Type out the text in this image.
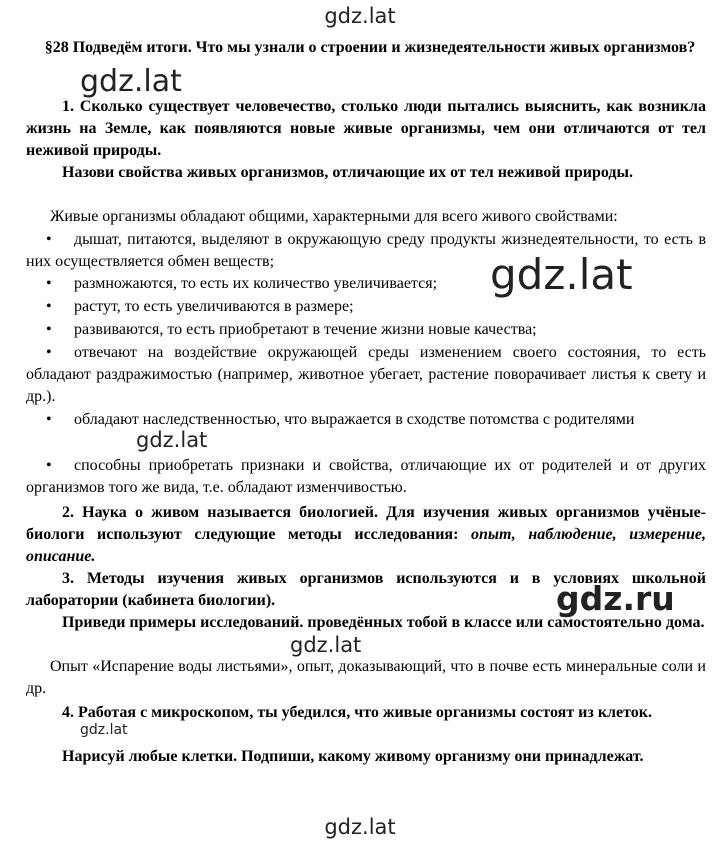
§28 Подведём итоги. Что мы узнали о строении и жизнедеятельности живых организмов?
1. Сколько существует человечество, столько люди пытались выяснить, как возникла жизнь на Земле, как появляются новые живые организмы, чем они отличаются от тел неживой природы.
Назови свойства живых организмов, отличающие их от тел неживой природы.
Живые организмы обладают общими, характерными для всего живого свойствами:
• дышат, питаются, выделяют в окружающую среду продукты жизнедеятельности, то есть в них осуществляется обмен веществ;
• размножаются, то есть их количество увеличивается;
• растут, то есть увеличиваются в размере;
• развиваются, то есть приобретают в течение жизни новые качества;
• отвечают на воздействие окружающей среды изменением своего состояния, то есть обладают раздражимостью (например, животное убегает, растение поворачивает листья к свету и др.).
• обладают наследственностью, что выражается в сходстве потомства с родителями
• способны приобретать признаки и свойства, отличающие их от родителей и от других организмов того же вида, т.е. обладают изменчивостью.
2. Наука о живом называется биологией. Для изучения живых организмов учёные-биологи используют следующие методы исследования: опыт, наблюдение, измерение, описание.
3. Методы изучения живых организмов используются и в условиях школьной лаборатории (кабинета биологии).
Приведи примеры исследований. проведённых тобой в классе или самостоятельно дома.
Опыт «Испарение воды листьями», опыт, доказывающий, что в почве есть минеральные соли и др.
4. Работая с микроскопом, ты убедился, что живые организмы состоят из клеток.
Нарисуй любые клетки. Подпиши, какому живому организму они принадлежат.
gdz.lat
gdz.lat
gdz.lat
gdz.lat
gdz.ru
gdz.lat
gdz.lat
gdz.lat
